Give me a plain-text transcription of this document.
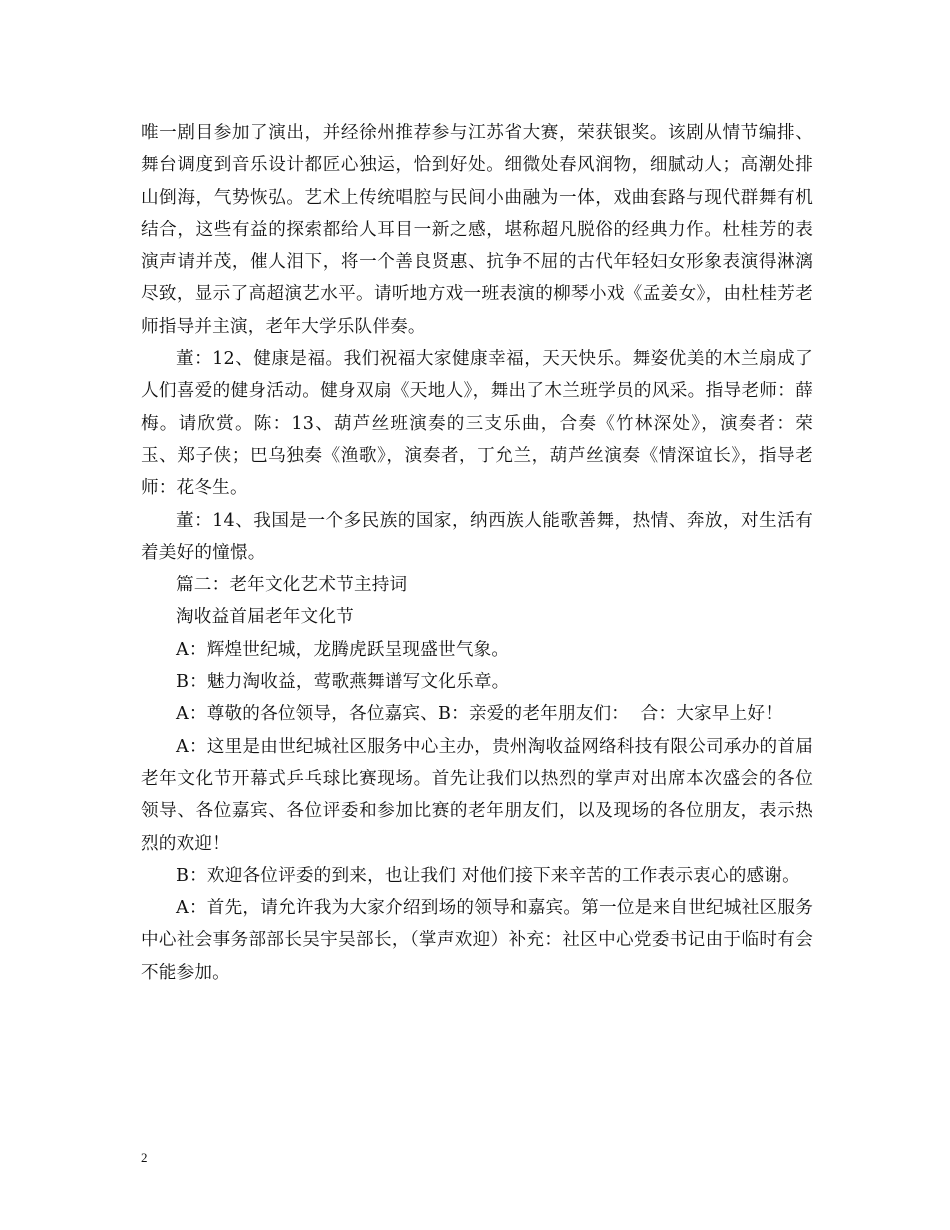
唯一剧目参加了演出，并经徐州推荐参与江苏省大赛，荣获银奖。该剧从情节编排、舞台调度到音乐设计都匠心独运，恰到好处。细微处春风润物，细腻动人；高潮处排山倒海，气势恢弘。艺术上传统唱腔与民间小曲融为一体，戏曲套路与现代群舞有机结合，这些有益的探索都给人耳目一新之感，堪称超凡脱俗的经典力作。杜桂芳的表演声请并茂，催人泪下，将一个善良贤惠、抗争不屈的古代年轻妇女形象表演得淋漓尽致，显示了高超演艺水平。请听地方戏一班表演的柳琴小戏《孟姜女》，由杜桂芳老师指导并主演，老年大学乐队伴奏。

董：12、健康是福。我们祝福大家健康幸福，天天快乐。舞姿优美的木兰扇成了人们喜爱的健身活动。健身双扇《天地人》，舞出了木兰班学员的风采。指导老师：薛梅。请欣赏。陈：13、葫芦丝班演奏的三支乐曲，合奏《竹林深处》，演奏者：荣玉、郑子侠；巴乌独奏《渔歌》，演奏者，丁允兰，葫芦丝演奏《情深谊长》，指导老师：花冬生。

董：14、我国是一个多民族的国家，纳西族人能歌善舞，热情、奔放，对生活有着美好的憧憬。

篇二：老年文化艺术节主持词

淘收益首届老年文化节

A：辉煌世纪城，龙腾虎跃呈现盛世气象。

B：魅力淘收益，莺歌燕舞谱写文化乐章。

A：尊敬的各位领导，各位嘉宾、B：亲爱的老年朋友们：  合：大家早上好！

A：这里是由世纪城社区服务中心主办，贵州淘收益网络科技有限公司承办的首届老年文化节开幕式乒乓球比赛现场。首先让我们以热烈的掌声对出席本次盛会的各位领导、各位嘉宾、各位评委和参加比赛的老年朋友们，以及现场的各位朋友，表示热烈的欢迎！

B：欢迎各位评委的到来，也让我们 对他们接下来辛苦的工作表示衷心的感谢。

A：首先，请允许我为大家介绍到场的领导和嘉宾。第一位是来自世纪城社区服务中心社会事务部部长吴宇吴部长，（掌声欢迎）补充：社区中心党委书记由于临时有会不能参加。

2
